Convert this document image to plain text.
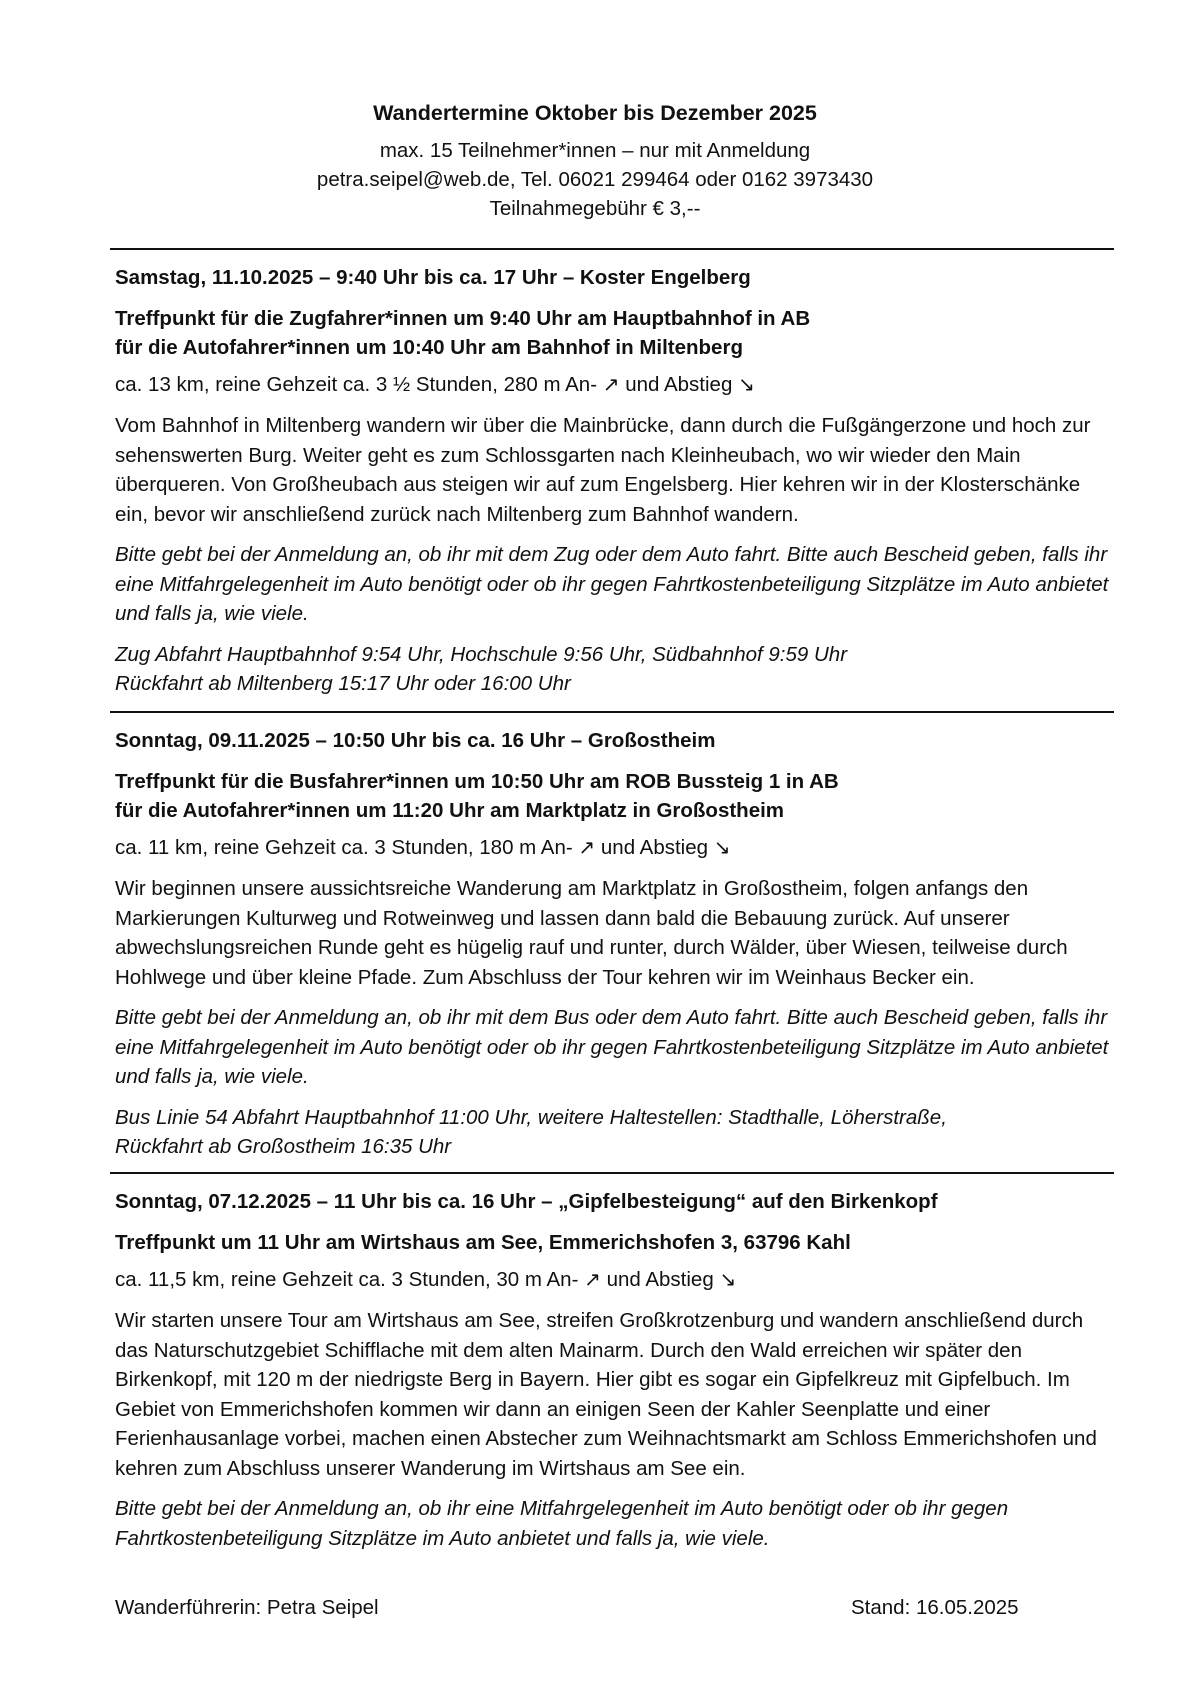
Wandertermine Oktober bis Dezember 2025
max. 15 Teilnehmer*innen – nur mit Anmeldung
petra.seipel@web.de, Tel. 06021 299464 oder 0162 3973430
Teilnahmegebühr € 3,--
Samstag, 11.10.2025 – 9:40 Uhr bis ca. 17 Uhr – Koster Engelberg
Treffpunkt für die Zugfahrer*innen um 9:40 Uhr am Hauptbahnhof in AB
für die Autofahrer*innen um 10:40 Uhr am Bahnhof in Miltenberg
ca. 13 km, reine Gehzeit ca. 3 ½ Stunden, 280 m An- ↗ und Abstieg ↘
Vom Bahnhof in Miltenberg wandern wir über die Mainbrücke, dann durch die Fußgängerzone und hoch zur sehenswerten Burg. Weiter geht es zum Schlossgarten nach Kleinheubach, wo wir wieder den Main überqueren. Von Großheubach aus steigen wir auf zum Engelsberg. Hier kehren wir in der Klosterschänke ein, bevor wir anschließend zurück nach Miltenberg zum Bahnhof wandern.
Bitte gebt bei der Anmeldung an, ob ihr mit dem Zug oder dem Auto fahrt. Bitte auch Bescheid geben, falls ihr eine Mitfahrgelegenheit im Auto benötigt oder ob ihr gegen Fahrtkostenbeteiligung Sitzplätze im Auto anbietet und falls ja, wie viele.
Zug Abfahrt Hauptbahnhof 9:54 Uhr, Hochschule 9:56 Uhr, Südbahnhof 9:59 Uhr
Rückfahrt ab Miltenberg 15:17 Uhr oder 16:00 Uhr
Sonntag, 09.11.2025 – 10:50 Uhr bis ca. 16 Uhr – Großostheim
Treffpunkt für die Busfahrer*innen um 10:50 Uhr am ROB Bussteig 1 in AB
für die Autofahrer*innen um 11:20 Uhr am Marktplatz in Großostheim
ca. 11 km, reine Gehzeit ca. 3 Stunden, 180 m An- ↗ und Abstieg ↘
Wir beginnen unsere aussichtsreiche Wanderung am Marktplatz in Großostheim, folgen anfangs den Markierungen Kulturweg und Rotweinweg und lassen dann bald die Bebauung zurück. Auf unserer abwechslungsreichen Runde geht es hügelig rauf und runter, durch Wälder, über Wiesen, teilweise durch Hohlwege und über kleine Pfade. Zum Abschluss der Tour kehren wir im Weinhaus Becker ein.
Bitte gebt bei der Anmeldung an, ob ihr mit dem Bus oder dem Auto fahrt. Bitte auch Bescheid geben, falls ihr eine Mitfahrgelegenheit im Auto benötigt oder ob ihr gegen Fahrtkostenbeteiligung Sitzplätze im Auto anbietet und falls ja, wie viele.
Bus Linie 54 Abfahrt Hauptbahnhof 11:00 Uhr, weitere Haltestellen: Stadthalle, Löherstraße,
Rückfahrt ab Großostheim 16:35 Uhr
Sonntag, 07.12.2025 – 11 Uhr bis ca. 16 Uhr – „Gipfelbesteigung“ auf den Birkenkopf
Treffpunkt um 11 Uhr am Wirtshaus am See, Emmerichshofen 3, 63796 Kahl
ca. 11,5 km, reine Gehzeit ca. 3 Stunden, 30 m An- ↗ und Abstieg ↘
Wir starten unsere Tour am Wirtshaus am See, streifen Großkrotzenburg und wandern anschließend durch das Naturschutzgebiet Schifflache mit dem alten Mainarm. Durch den Wald erreichen wir später den Birkenkopf, mit 120 m der niedrigste Berg in Bayern. Hier gibt es sogar ein Gipfelkreuz mit Gipfelbuch. Im Gebiet von Emmerichshofen kommen wir dann an einigen Seen der Kahler Seenplatte und einer Ferienhausanlage vorbei, machen einen Abstecher zum Weihnachtsmarkt am Schloss Emmerichshofen und kehren zum Abschluss unserer Wanderung im Wirtshaus am See ein.
Bitte gebt bei der Anmeldung an, ob ihr eine Mitfahrgelegenheit im Auto benötigt oder ob ihr gegen Fahrtkostenbeteiligung Sitzplätze im Auto anbietet und falls ja, wie viele.
Wanderführerin: Petra Seipel	Stand: 16.05.2025
